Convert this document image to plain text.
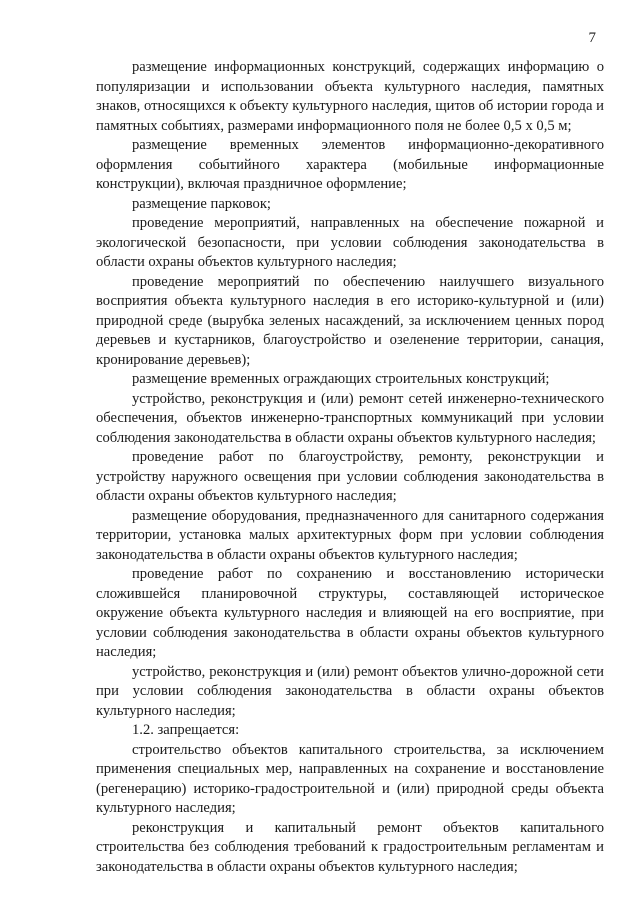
7

размещение информационных конструкций, содержащих информацию о популяризации и использовании объекта культурного наследия, памятных знаков, относящихся к объекту культурного наследия, щитов об истории города и памятных событиях, размерами информационного поля не более 0,5 х 0,5 м;

размещение временных элементов информационно-декоративного оформления событийного характера (мобильные информационные конструкции), включая праздничное оформление;

размещение парковок;

проведение мероприятий, направленных на обеспечение пожарной и экологической безопасности, при условии соблюдения законодательства в области охраны объектов культурного наследия;

проведение мероприятий по обеспечению наилучшего визуального восприятия объекта культурного наследия в его историко-культурной и (или) природной среде (вырубка зеленых насаждений, за исключением ценных пород деревьев и кустарников, благоустройство и озеленение территории, санация, кронирование деревьев);

размещение временных ограждающих строительных конструкций;

устройство, реконструкция и (или) ремонт сетей инженерно-технического обеспечения, объектов инженерно-транспортных коммуникаций при условии соблюдения законодательства в области охраны объектов культурного наследия;

проведение работ по благоустройству, ремонту, реконструкции и устройству наружного освещения при условии соблюдения законодательства в области охраны объектов культурного наследия;

размещение оборудования, предназначенного для санитарного содержания территории, установка малых архитектурных форм при условии соблюдения законодательства в области охраны объектов культурного наследия;

проведение работ по сохранению и восстановлению исторически сложившейся планировочной структуры, составляющей историческое окружение объекта культурного наследия и влияющей на его восприятие, при условии соблюдения законодательства в области охраны объектов культурного наследия;

устройство, реконструкция и (или) ремонт объектов улично-дорожной сети при условии соблюдения законодательства в области охраны объектов культурного наследия;

1.2. запрещается:

строительство объектов капитального строительства, за исключением применения специальных мер, направленных на сохранение и восстановление (регенерацию) историко-градостроительной и (или) природной среды объекта культурного наследия;

реконструкция и капитальный ремонт объектов капитального строительства без соблюдения требований к градостроительным регламентам и законодательства в области охраны объектов культурного наследия;
